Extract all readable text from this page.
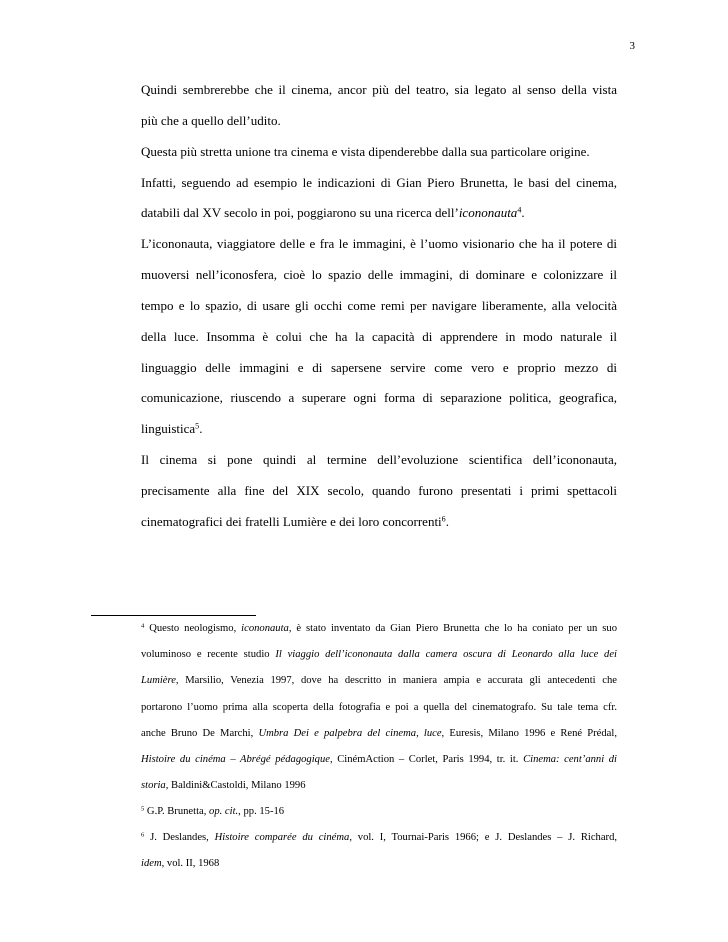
3
Quindi sembrerebbe che il cinema, ancor più del teatro, sia legato al senso della vista
più che a quello dell’udito.
Questa più stretta unione tra cinema e vista dipenderebbe dalla sua particolare origine.
Infatti, seguendo ad esempio le indicazioni di Gian Piero Brunetta, le basi del cinema,
databili dal XV secolo in poi, poggiarono su una ricerca dell’icononauta$^4$.
L’icononauta, viaggiatore delle e fra le immagini, è l’uomo visionario che ha il potere di
muoversi nell’iconosfera, cioè lo spazio delle immagini, di dominare e colonizzare il
tempo e lo spazio, di usare gli occhi come remi per navigare liberamente, alla velocità
della luce. Insomma è colui che ha la capacità di apprendere in modo naturale il
linguaggio delle immagini e di sapersene servire come vero e proprio mezzo di
comunicazione, riuscendo a superare ogni forma di separazione politica, geografica,
linguistica$^5$.
Il cinema si pone quindi al termine dell’evoluzione scientifica dell’icononauta,
precisamente alla fine del XIX secolo, quando furono presentati i primi spettacoli
cinematografici dei fratelli Lumière e dei loro concorrenti$^6$.
$^4$ Questo neologismo, icononauta, è stato inventato da Gian Piero Brunetta che lo ha coniato per un suo
voluminoso e recente studio Il viaggio dell’icononauta dalla camera oscura di Leonardo alla luce dei
Lumière, Marsilio, Venezia 1997, dove ha descritto in maniera ampia e accurata gli antecedenti che
portarono l’uomo prima alla scoperta della fotografia e poi a quella del cinematografo. Su tale tema cfr.
anche Bruno De Marchi, Umbra Dei e palpebra del cinema, luce, Euresis, Milano 1996 e René Prédal,
Histoire du cinéma – Abrégé pédagogique, CinémAction – Corlet, Paris 1994, tr. it. Cinema: cent’anni di
storia, Baldini&Castoldi, Milano 1996
$^5$ G.P. Brunetta, op. cit., pp. 15-16
$^6$ J. Deslandes, Histoire comparée du cinéma, vol. I, Tournai-Paris 1966; e J. Deslandes – J. Richard,
idem, vol. II, 1968
